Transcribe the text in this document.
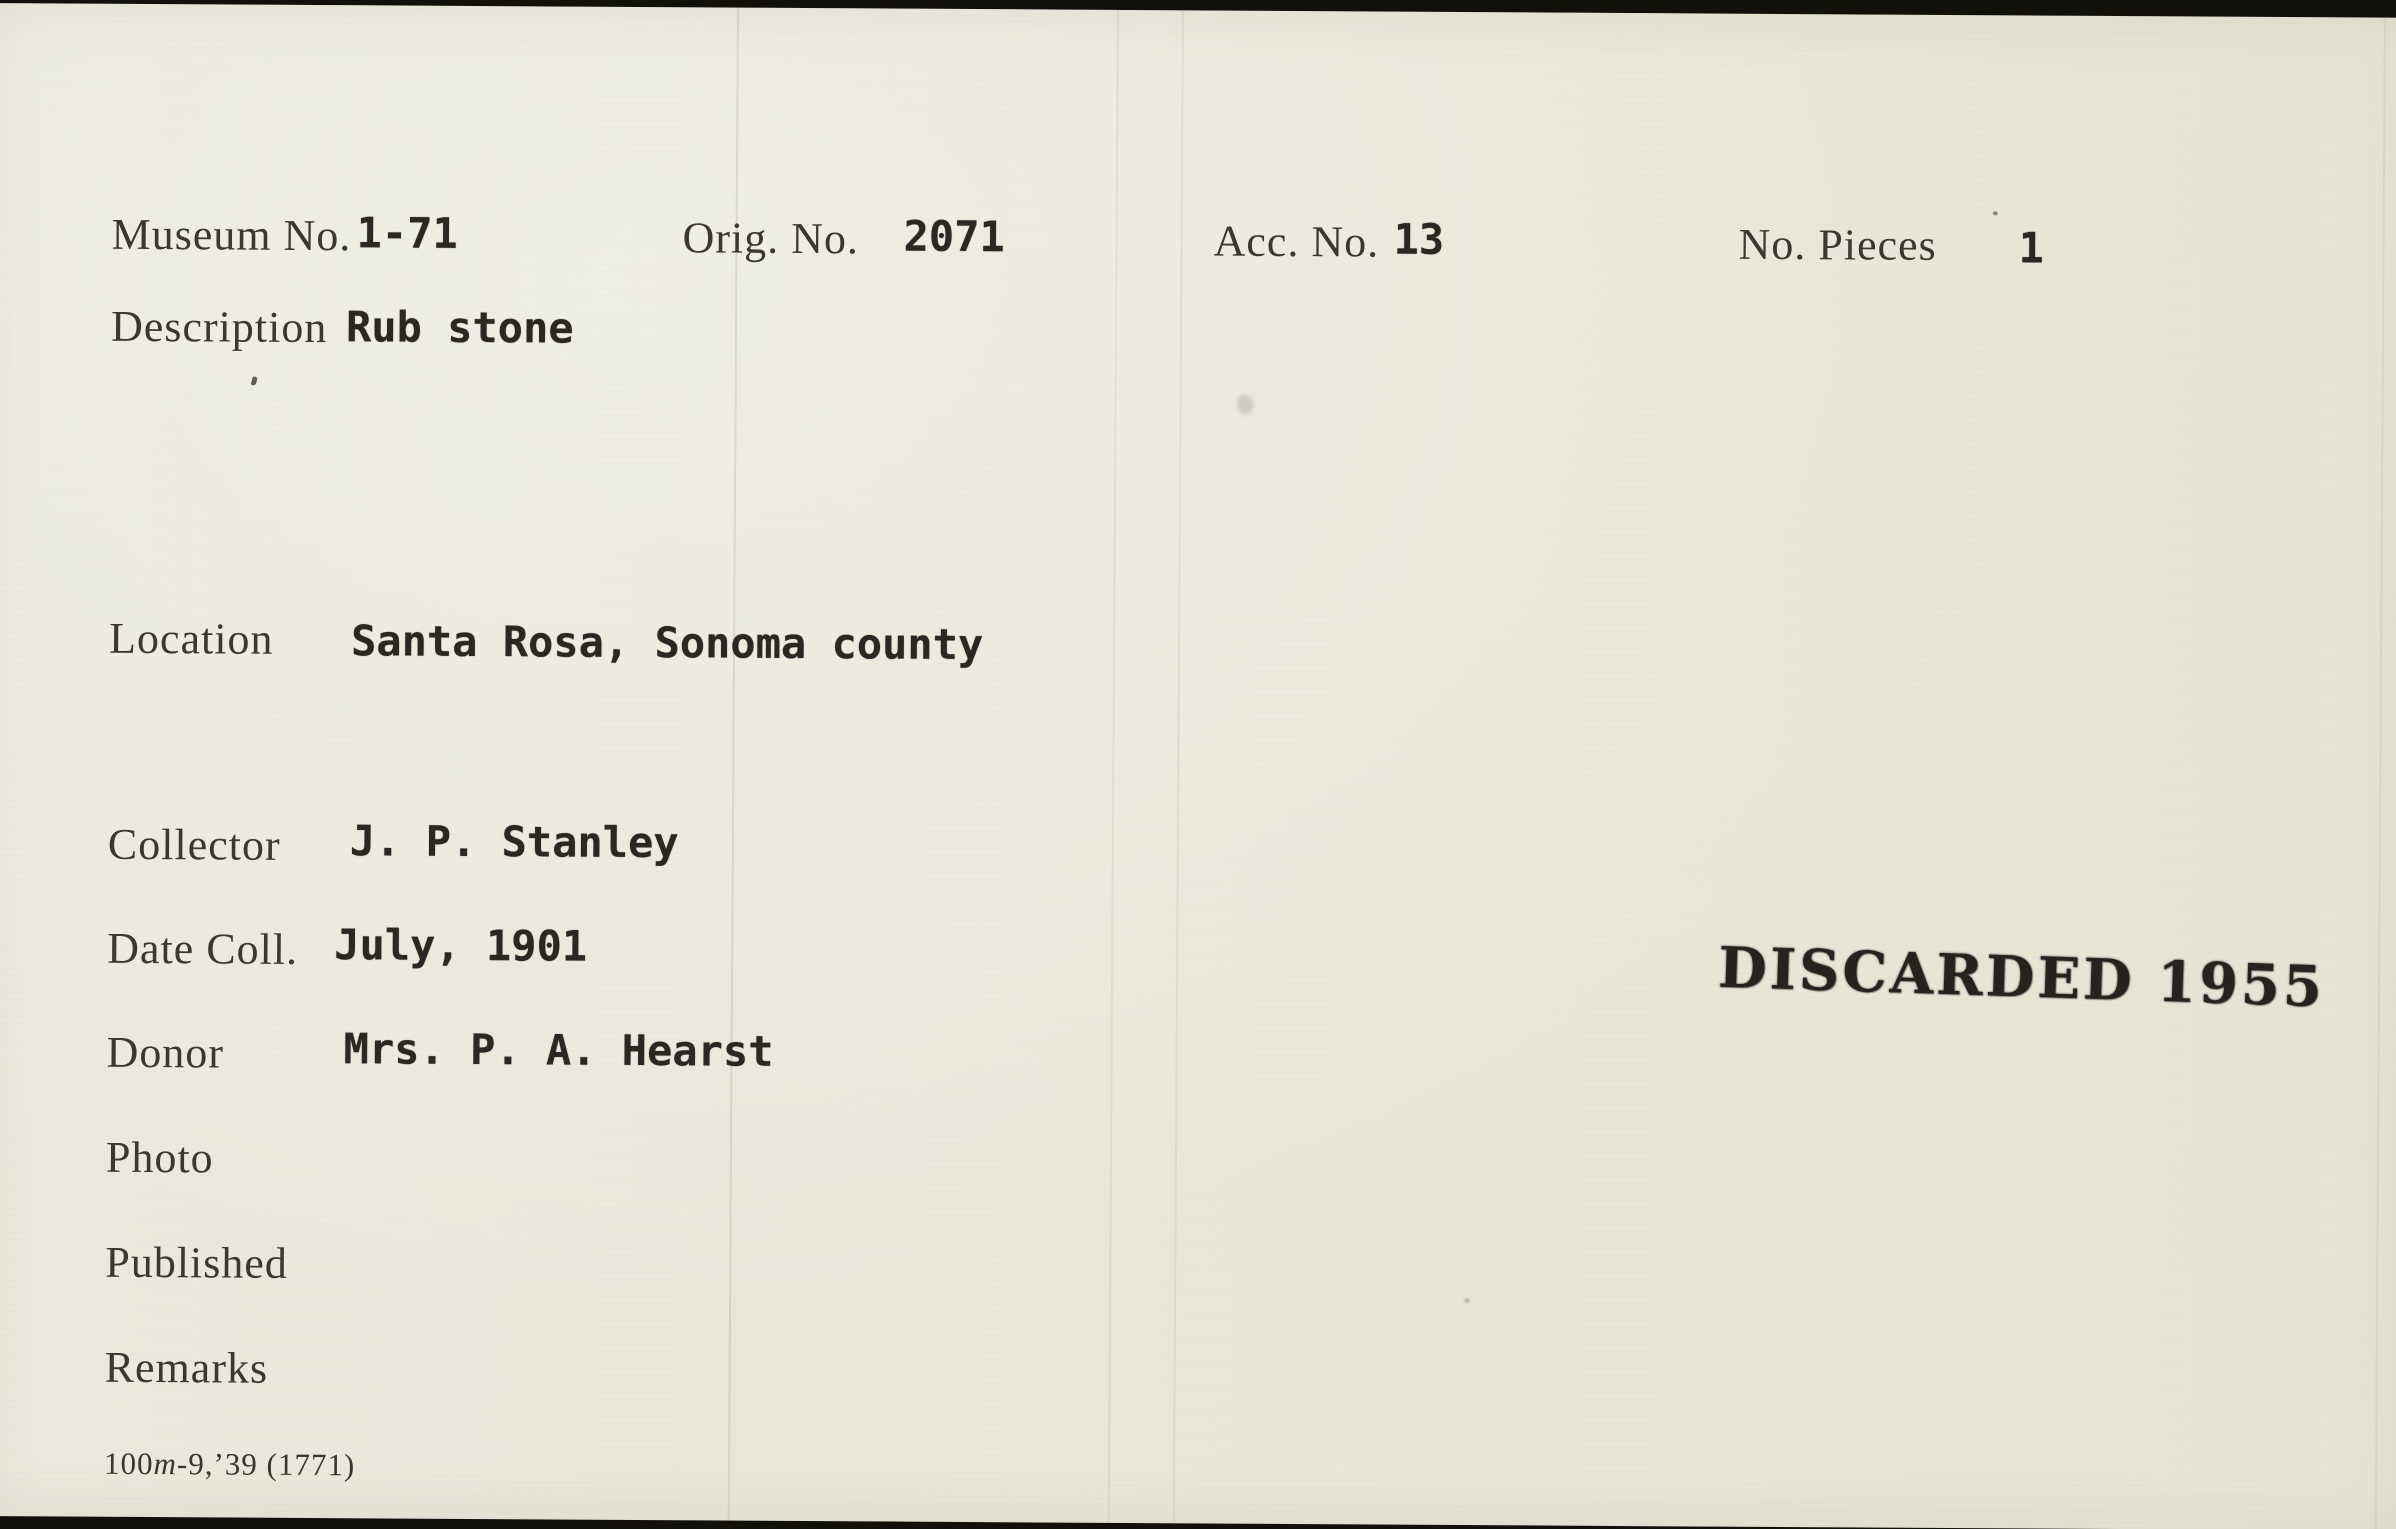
Museum No. 1-71	Orig. No. 2071	Acc. No. 13	No. Pieces 1
Description Rub stone
Location Santa Rosa, Sonoma county
Collector J. P. Stanley
Date Coll. July, 1901
Donor	Mrs. P. A. Hearst
Photo
Published
Remarks
DISCARDED 1955
100m-9,’39 (1771)
